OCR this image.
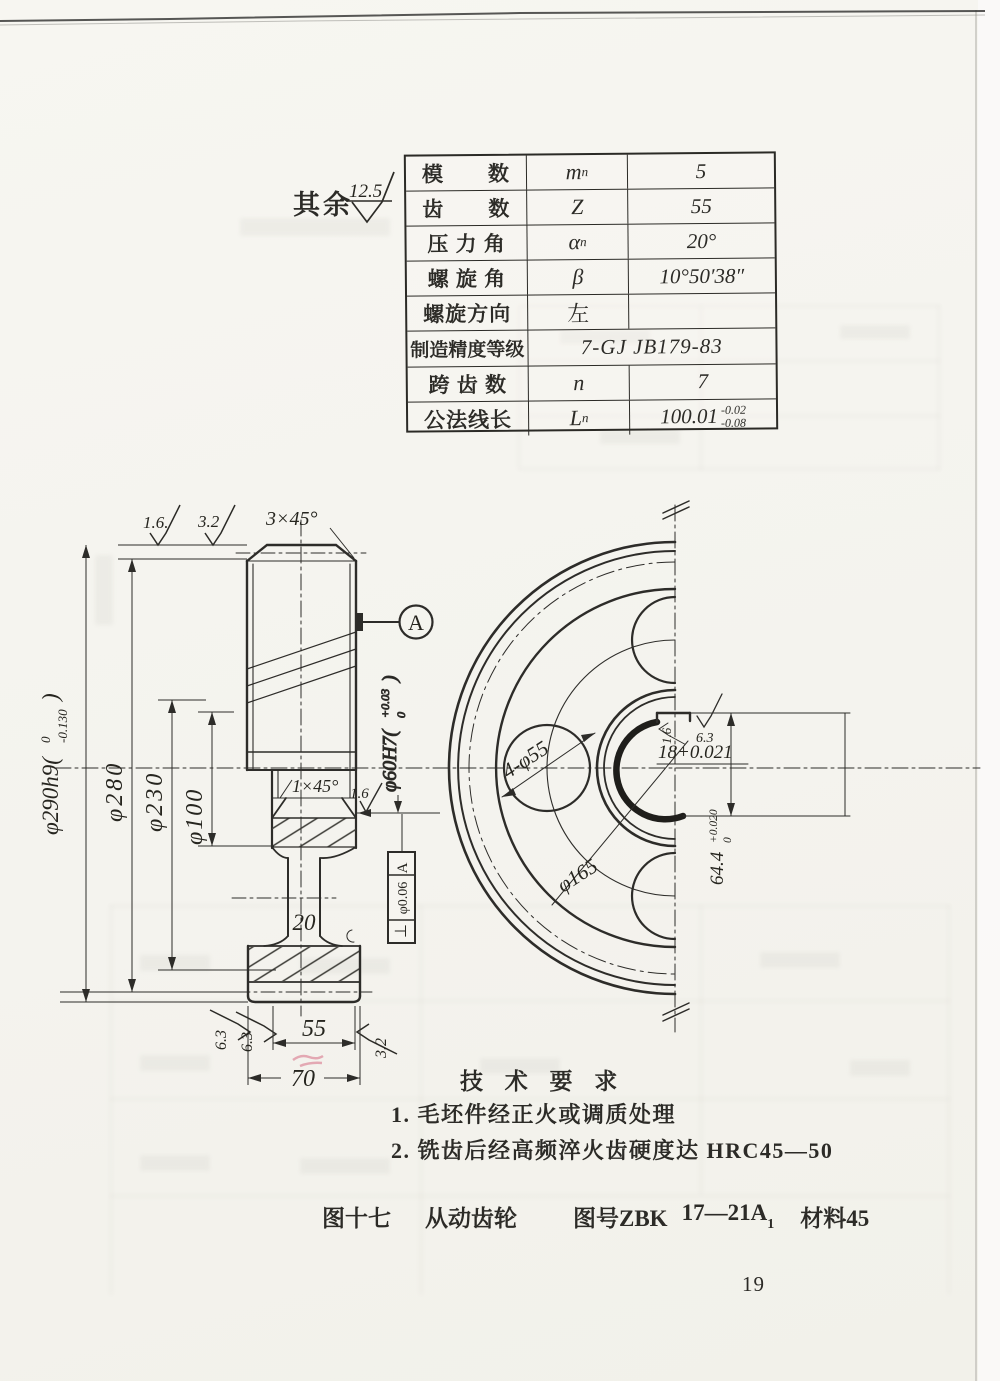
12.5
φ290h9(
0 -0.130
)
φ280 φ230 φ100
55
70
20
3×45°
1×45°
1.6. 3.2
1.6
φ60H7(
+0.03 0
)
A
A
φ0.06
⊥
6.3 6.3	3.2
4-φ55
φ165
18+0.021
64.4
+0.020 0
1.6 6.3
其余
模　　数	m n	5
齿　　数	Z	55
压 力 角	α n	20°
螺 旋 角	β	10°50′38″
螺旋方向	左
制造精度等级	7-GJ JB179-83
跨 齿 数	n	7
公法线长	L n	100.01 -0.02
-0.08
技 术 要 求
1. 毛坯件经正火或调质处理
2. 铣齿后经高频淬火齿硬度达 HRC45—50
图十七 从动齿轮 图号ZBK 17—21A 1 材料45
19
